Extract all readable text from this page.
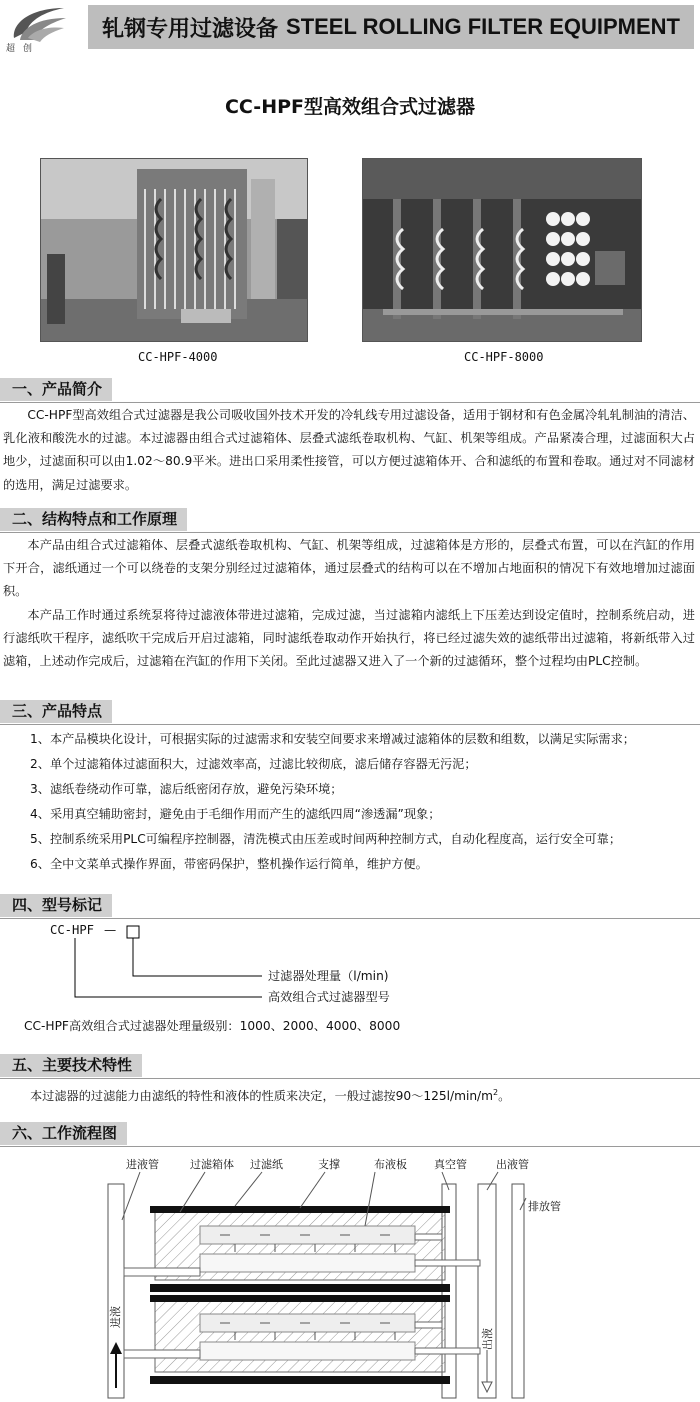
超创
轧钢专用过滤设备 STEEL ROLLING FILTER EQUIPMENT
CC-HPF型高效组合式过滤器
CC-HPF-4000	CC-HPF-8000
一、产品简介

CC-HPF型高效组合式过滤器是我公司吸收国外技术开发的冷轧线专用过滤设备，适用于钢材和有色金属冷轧轧制油的清洁、乳化液和酸洗水的过滤。本过滤器由组合式过滤箱体、层叠式滤纸卷取机构、气缸、机架等组成。产品紧凑合理，过滤面积大占地少，过滤面积可以由1.02～80.9平米。进出口采用柔性接管，可以方便过滤箱体开、合和滤纸的布置和卷取。通过对不同滤材的选用，满足过滤要求。

二、结构特点和工作原理

本产品由组合式过滤箱体、层叠式滤纸卷取机构、气缸、机架等组成，过滤箱体是方形的，层叠式布置，可以在汽缸的作用下开合，滤纸通过一个可以绕卷的支架分别经过过滤箱体，通过层叠式的结构可以在不增加占地面积的情况下有效地增加过滤面积。

本产品工作时通过系统泵将待过滤液体带进过滤箱，完成过滤，当过滤箱内滤纸上下压差达到设定值时，控制系统启动，进行滤纸吹干程序，滤纸吹干完成后开启过滤箱，同时滤纸卷取动作开始执行，将已经过滤失效的滤纸带出过滤箱，将新纸带入过滤箱，上述动作完成后，过滤箱在汽缸的作用下关闭。至此过滤器又进入了一个新的过滤循环，整个过程均由PLC控制。

三、产品特点
1、本产品模块化设计，可根据实际的过滤需求和安装空间要求来增减过滤箱体的层数和组数，以满足实际需求；
2、单个过滤箱体过滤面积大，过滤效率高，过滤比较彻底，滤后储存容器无污泥；
3、滤纸卷绕动作可靠，滤后纸密闭存放，避免污染环境；
4、采用真空辅助密封，避免由于毛细作用而产生的滤纸四周“渗透漏”现象；
5、控制系统采用PLC可编程序控制器，清洗模式由压差或时间两种控制方式，自动化程度高，运行安全可靠；
6、全中文菜单式操作界面，带密码保护，整机操作运行简单，维护方便。
四、型号标记
CC-HPF —
过滤器处理量（l/min)
高效组合式过滤器型号
CC-HPF高效组合式过滤器处理量级别：1000、2000、4000、8000
五、主要技术特性
本过滤器的过滤能力由滤纸的特性和液体的性质来决定，一般过滤按$90\sim 125l/\min/m^2$。
六、工作流程图
进液管	过滤箱体 过滤纸	支撑	布液板 真空管	出液管
排放管
进液
出液
